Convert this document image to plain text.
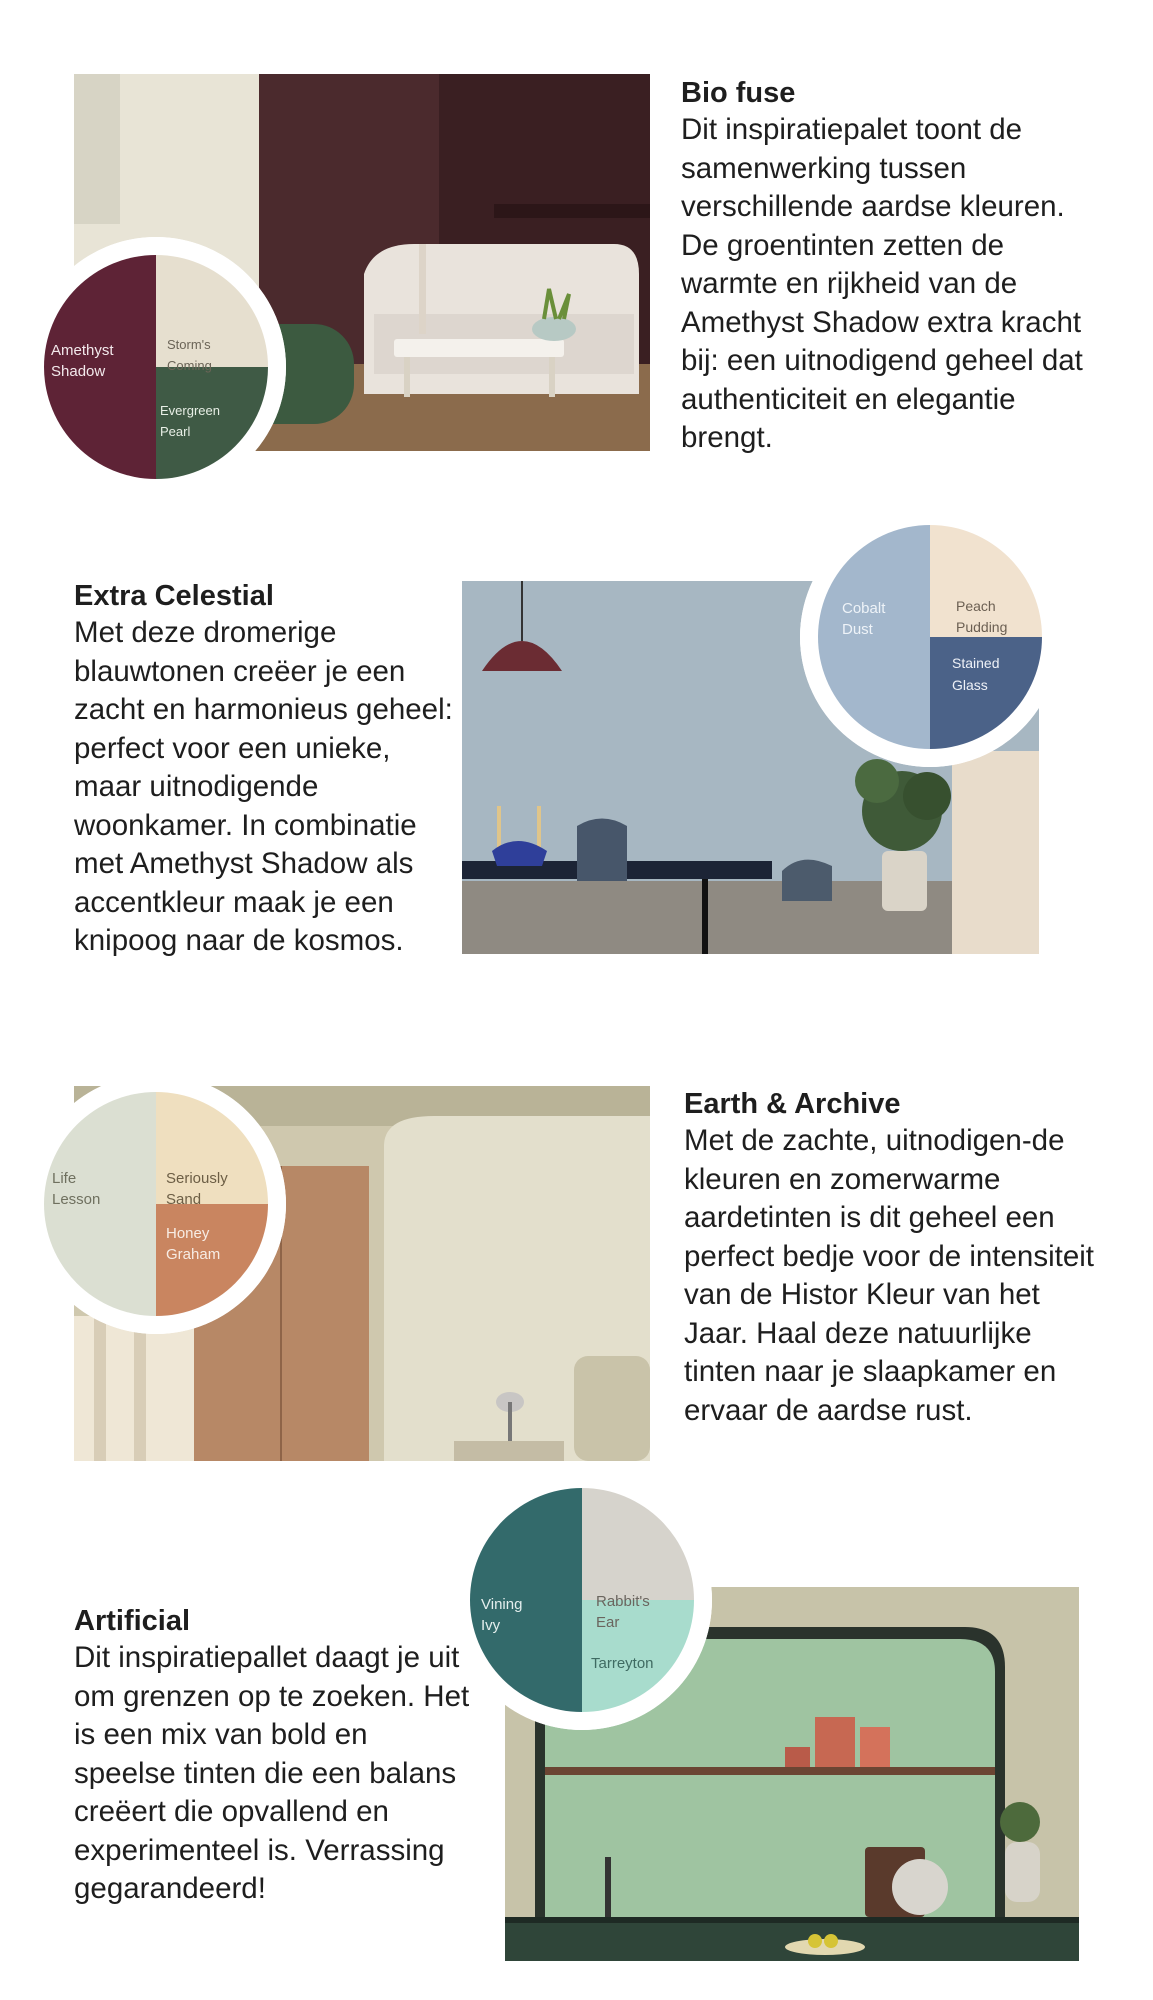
Amethyst
Shadow
Storm's
Coming
Evergreen
Pearl
Bio fuse

Dit inspiratiepalet toont de samenwerking tussen verschillende aardse kleuren. De groentinten zetten de warmte en rijkheid van de Amethyst Shadow extra kracht bij: een uitnodigend geheel dat authenticiteit en elegantie brengt.

Extra Celestial

Met deze dromerige blauwtonen creëer je een zacht en harmonieus geheel: perfect voor een unieke, maar uitnodigende woonkamer. In combinatie met Amethyst Shadow als accentkleur maak je een knipoog naar de kosmos.

Cobalt
Dust
Peach
Pudding
Stained
Glass
Life
Lesson
Seriously
Sand
Honey
Graham
Earth & Archive

Met de zachte, uitnodigen-de kleuren en zomerwarme aardetinten is dit geheel een perfect bedje voor de intensiteit van de Histor Kleur van het Jaar. Haal deze natuurlijke tinten naar je slaapkamer en ervaar de aardse rust.

Artificial

Dit inspiratiepallet daagt je uit om grenzen op te zoeken. Het is een mix van bold en speelse tinten die een balans creëert die opvallend en experimenteel is. Verrassing gegarandeerd!

Vining
Ivy
Rabbit's
Ear
Tarreyton
